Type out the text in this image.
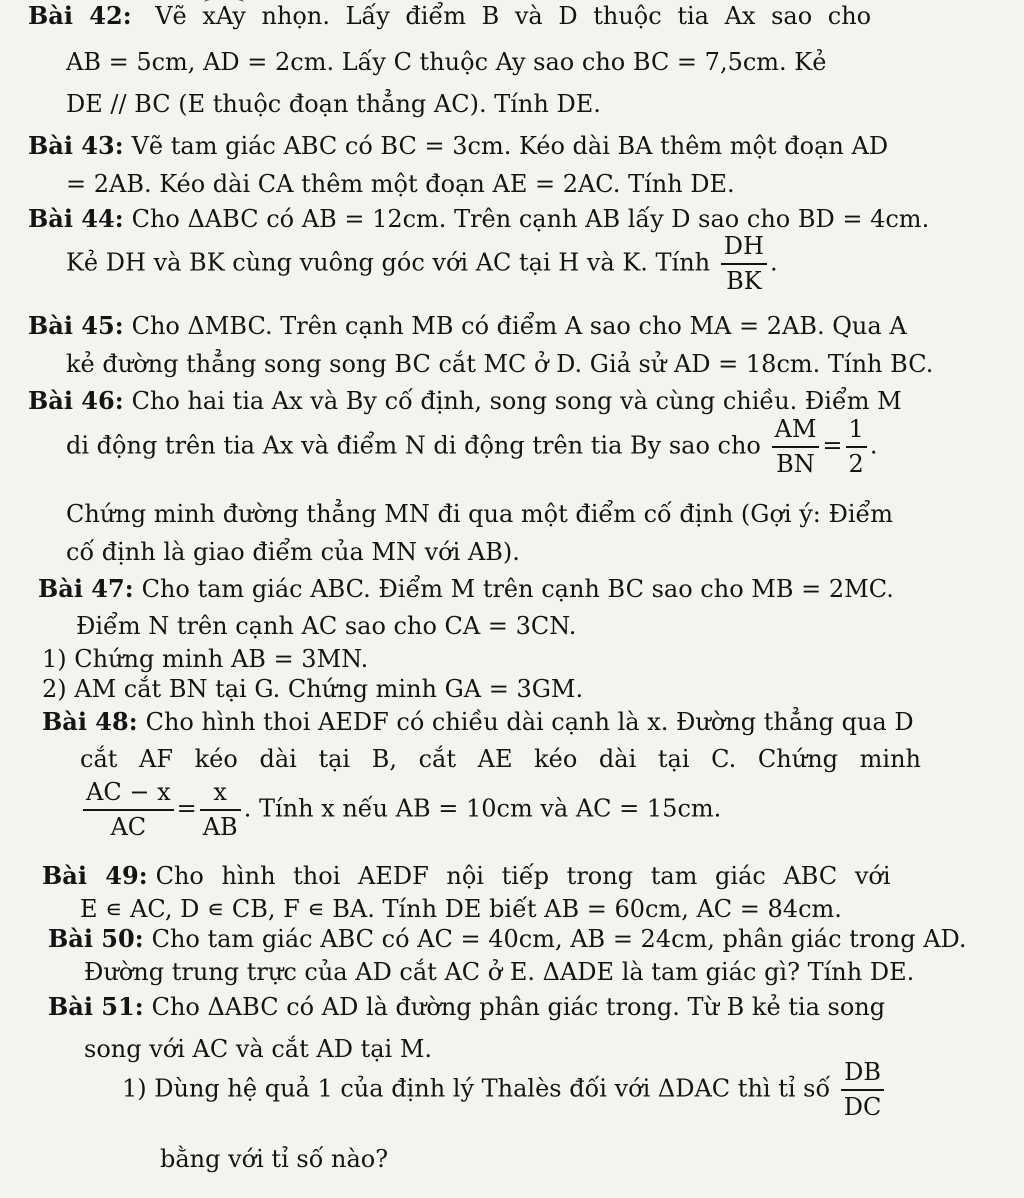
Bài 42: Vẽ xAy nhọn. Lấy điểm B và D thuộc tia Ax sao cho
AB = 5cm, AD = 2cm. Lấy C thuộc Ay sao cho BC = 7,5cm. Kẻ
DE // BC (E thuộc đoạn thẳng AC). Tính DE.
Bài 43: Vẽ tam giác ABC có BC = 3cm. Kéo dài BA thêm một đoạn AD
= 2AB. Kéo dài CA thêm một đoạn AE = 2AC. Tính DE.
Bài 44: Cho ΔABC có AB = 12cm. Trên cạnh AB lấy D sao cho BD = 4cm.
Kẻ DH và BK cùng vuông góc với AC tại H và K. Tính $\frac{DH}{BK}$ .
Bài 45: Cho ΔMBC. Trên cạnh MB có điểm A sao cho MA = 2AB. Qua A
kẻ đường thẳng song song BC cắt MC ở D. Giả sử AD = 18cm. Tính BC.
Bài 46: Cho hai tia Ax và By cố định, song song và cùng chiều. Điểm M
di động trên tia Ax và điểm N di động trên tia By sao cho $\frac{AM}{BN} = \frac{1}{2}$ .
Chứng minh đường thẳng MN đi qua một điểm cố định (Gợi ý: Điểm
cố định là giao điểm của MN với AB).
Bài 47: Cho tam giác ABC. Điểm M trên cạnh BC sao cho MB = 2MC.
Điểm N trên cạnh AC sao cho CA = 3CN.
1) Chứng minh AB = 3MN.
2) AM cắt BN tại G. Chứng minh GA = 3GM.
Bài 48: Cho hình thoi AEDF có chiều dài cạnh là x. Đường thẳng qua D
cắt AF kéo dài tại B, cắt AE kéo dài tại C. Chứng minh
$\frac{AC - x}{AC} = \frac{x}{AB}$ . Tính x nếu AB = 10cm và AC = 15cm.
Bài 49: Cho hình thoi AEDF nội tiếp trong tam giác ABC với
E ∊ AC, D ∊ CB, F ∊ BA. Tính DE biết AB = 60cm, AC = 84cm.
Bài 50: Cho tam giác ABC có AC = 40cm, AB = 24cm, phân giác trong AD.
Đường trung trực của AD cắt AC ở E. ΔADE là tam giác gì? Tính DE.
Bài 51: Cho ΔABC có AD là đường phân giác trong. Từ B kẻ tia song
song với AC và cắt AD tại M.
1) Dùng hệ quả 1 của định lý Thalès đối với ΔDAC thì tỉ số $\frac{DB}{DC}$
bằng với tỉ số nào?
